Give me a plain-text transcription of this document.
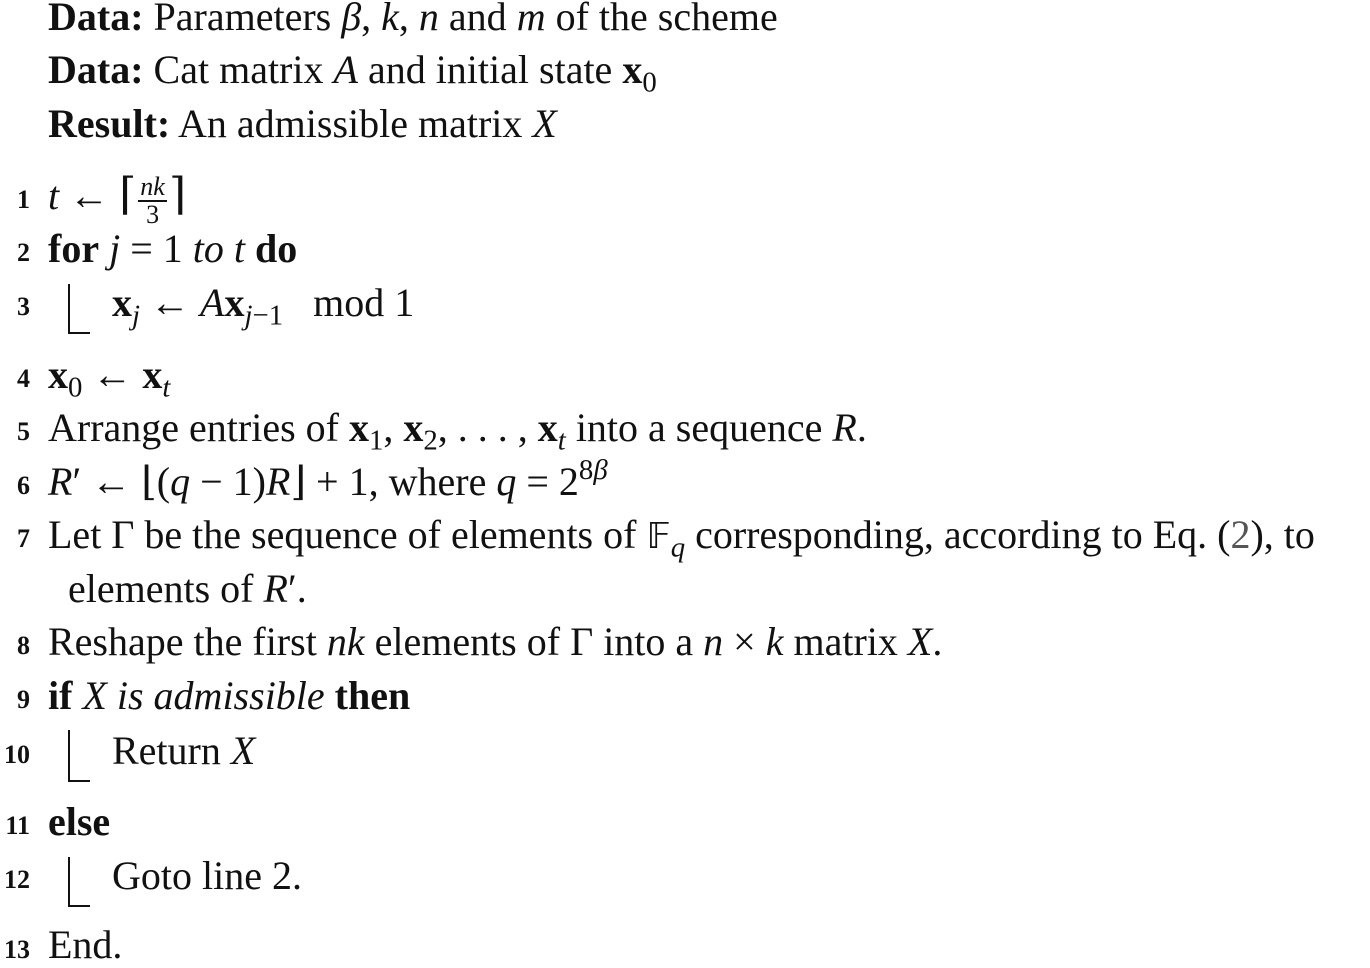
Data: Parameters β, k, n and m of the scheme
Data: Cat matrix A and initial state $x_0$
Result: An admissible matrix X
1
2
3
4
5
6
7
8
9
10
11
12
13
t ← ⌈ $\frac{nk}{3}$ ⌉
for j = 1 to t do
$x_j$ ← $Ax_{j-1}$ mod 1
$x_0$ ← $x_t$
Arrange entries of $x_1$, $x_2$, . . . , $x_t$ into a sequence R.
R′ ← ⌊(q − 1)R⌋ + 1, where $q = 2^{8\beta}$
Let Γ be the sequence of elements of 𝔽$_q$ corresponding, according to Eq. (2), to
elements of R′.
Reshape the first nk elements of Γ into a n × k matrix X.
if X is admissible then
Return X
else
Goto line 2.
End.
